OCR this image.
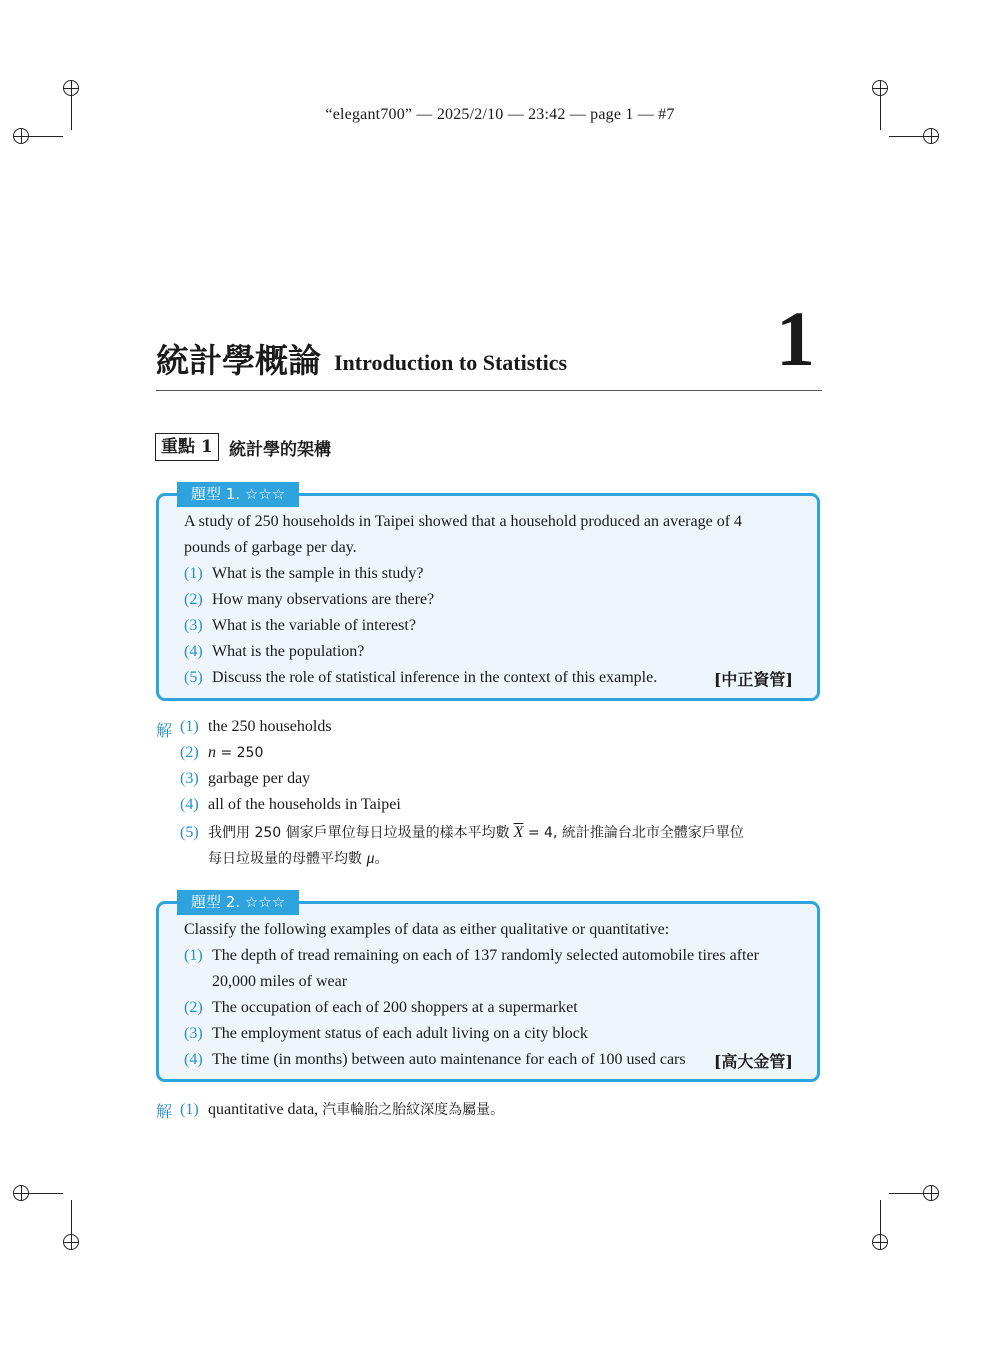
“elegant700” — 2025/2/10 — 23:42 — page 1 — #7
統計學概論 Introduction to Statistics	1
重點 1 統計學的架構
題型 1. ☆☆☆
A study of 250 households in Taipei showed that a household produced an average of 4
pounds of garbage per day.
(1) What is the sample in this study?
(2) How many observations are there?
(3) What is the variable of interest?
(4) What is the population?
(5) Discuss the role of statistical inference in the context of this example.	[中正資管]
解 (1) the 250 households
(2) n = 250
(3) garbage per day
(4) all of the households in Taipei
(5) 我們用 250 個家戶單位每日垃圾量的樣本平均數 $\overline{X} = 4$, 統計推論台北市全體家戶單位
每日垃圾量的母體平均數 μ。
題型 2. ☆☆☆
Classify the following examples of data as either qualitative or quantitative:
(1) The depth of tread remaining on each of 137 randomly selected automobile tires after
20,000 miles of wear
(2) The occupation of each of 200 shoppers at a supermarket
(3) The employment status of each adult living on a city block
(4) The time (in months) between auto maintenance for each of 100 used cars [高大金管]
解 (1) quantitative data, 汽車輪胎之胎紋深度為屬量。
